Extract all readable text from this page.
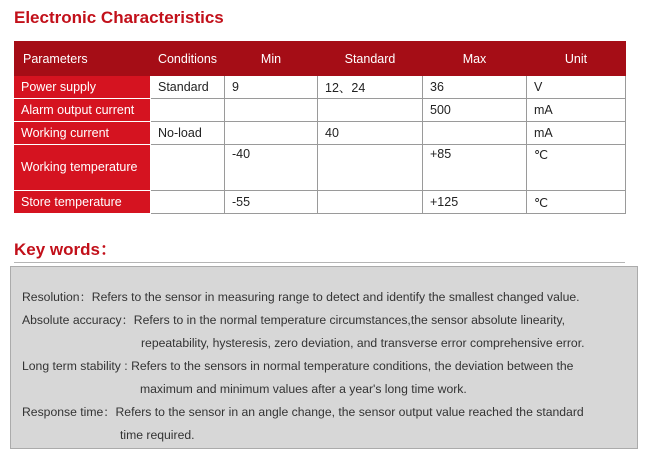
Electronic Characteristics
Parameters	Conditions	Min	Standard	Max	Unit
Power supply	Standard	9	12、24	36	V
Alarm output current				500	mA
Working current	No-load		40		mA
Working temperature		-40		+85	℃
Store temperature		-55		+125	℃
Key words：
Resolution：Refers to the sensor in measuring range to detect and identify the smallest changed value.
Absolute accuracy：Refers to in the normal temperature circumstances,the sensor absolute linearity,
repeatability, hysteresis, zero deviation, and transverse error comprehensive error.
Long term stability : Refers to the sensors in normal temperature conditions, the deviation between the
maximum and minimum values after a year's long time work.
Response time：Refers to the sensor in an angle change, the sensor output value reached the standard
time required.
